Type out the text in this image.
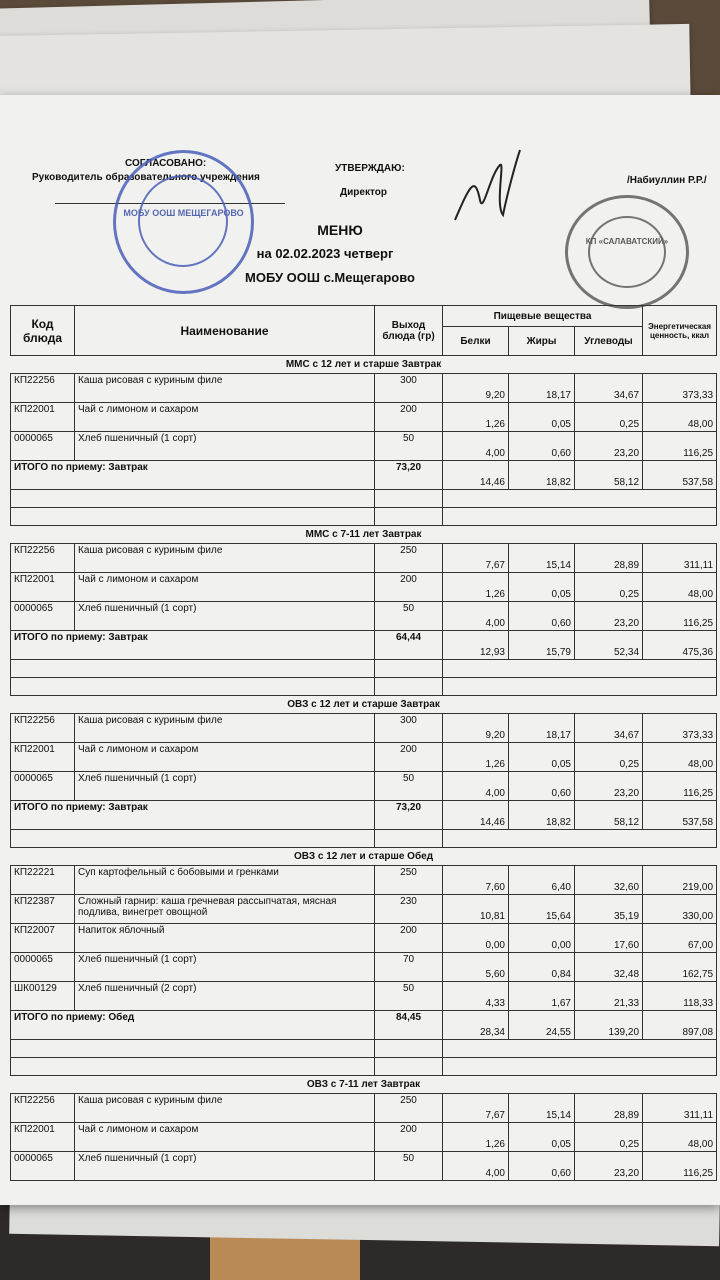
СОГЛАСОВАНО:
Руководитель образовательного учреждения
УТВЕРЖДАЮ:
Директор
/Набиуллин Р.Р./
МОБУ ООШ МЕЩЕГАРОВО
КП «САЛАВАТСКИЙ»
МЕНЮ
на 02.02.2023 четверг
МОБУ ООШ с.Мещегарово
Код блюда	Наименование	Выход блюда (гр)	Пищевые вещества			Энергетическая ценность, ккал
			Белки	Жиры	Углеводы	
ММС с 12 лет и старше Завтрак						
КП22256	Каша рисовая с куриным филе	300	9,20	18,17	34,67	373,33
КП22001	Чай с лимоном и сахаром	200	1,26	0,05	0,25	48,00
0000065	Хлеб пшеничный (1 сорт)	50	4,00	0,60	23,20	116,25
ИТОГО по приему: Завтрак		73,20	14,46	18,82	58,12	537,58

ММС с 7-11 лет Завтрак						
КП22256	Каша рисовая с куриным филе	250	7,67	15,14	28,89	311,11
КП22001	Чай с лимоном и сахаром	200	1,26	0,05	0,25	48,00
0000065	Хлеб пшеничный (1 сорт)	50	4,00	0,60	23,20	116,25
ИТОГО по приему: Завтрак		64,44	12,93	15,79	52,34	475,36

ОВЗ с 12 лет и старше Завтрак						
КП22256	Каша рисовая с куриным филе	300	9,20	18,17	34,67	373,33
КП22001	Чай с лимоном и сахаром	200	1,26	0,05	0,25	48,00
0000065	Хлеб пшеничный (1 сорт)	50	4,00	0,60	23,20	116,25
ИТОГО по приему: Завтрак		73,20	14,46	18,82	58,12	537,58

ОВЗ с 12 лет и старше Обед						
КП22221	Суп картофельный с бобовыми и гренками	250	7,60	6,40	32,60	219,00
КП22387	Сложный гарнир: каша гречневая рассыпчатая, мясная подлива, винегрет овощной	230	10,81	15,64	35,19	330,00
КП22007	Напиток яблочный	200	0,00	0,00	17,60	67,00
0000065	Хлеб пшеничный (1 сорт)	70	5,60	0,84	32,48	162,75
ШК00129	Хлеб пшеничный (2 сорт)	50	4,33	1,67	21,33	118,33
ИТОГО по приему: Обед		84,45	28,34	24,55	139,20	897,08

ОВЗ с 7-11 лет Завтрак						
КП22256	Каша рисовая с куриным филе	250	7,67	15,14	28,89	311,11
КП22001	Чай с лимоном и сахаром	200	1,26	0,05	0,25	48,00
0000065	Хлеб пшеничный (1 сорт)	50	4,00	0,60	23,20	116,25
